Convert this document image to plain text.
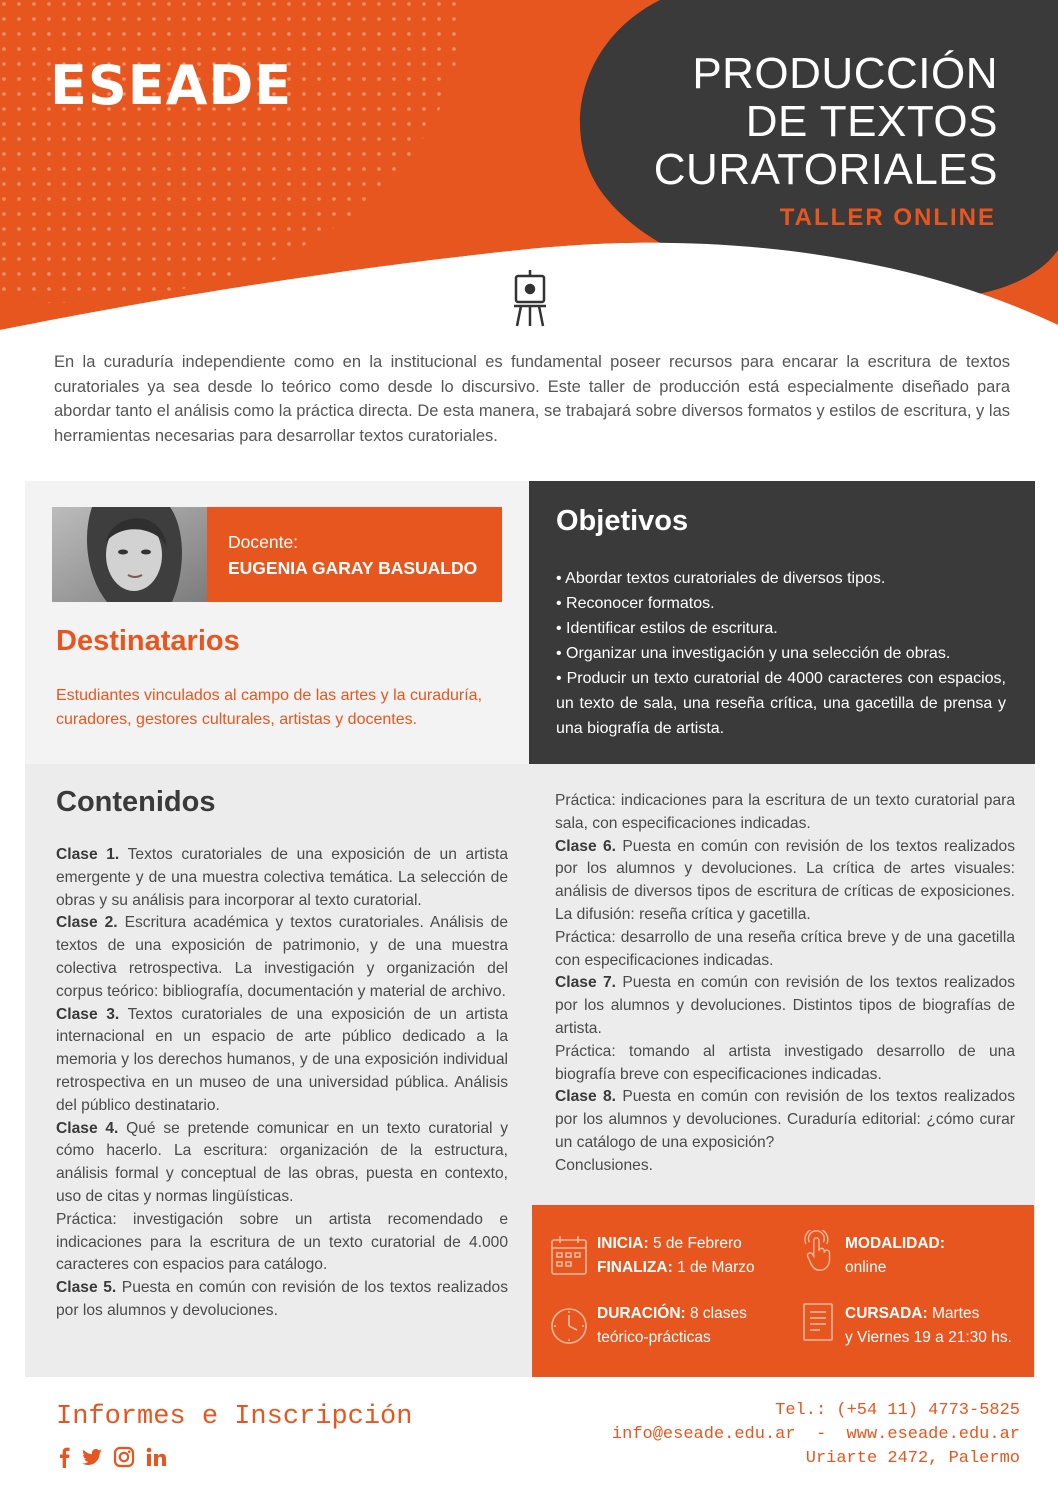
ESEADE	PRODUCCIÓN
DE TEXTOS
CURATORIALES
TALLER ONLINE

En la curaduría independiente como en la institucional es fundamental poseer recursos para encarar la escritura de textos curatoriales ya sea desde lo teórico como desde lo discursivo. Este taller de producción está especialmente diseñado para abordar tanto el análisis como la práctica directa. De esta manera, se trabajará sobre diversos formatos y estilos de escritura, y las herramientas necesarias para desarrollar textos curatoriales.

Docente:
EUGENIA GARAY BASUALDO
Destinatarios
Estudiantes vinculados al campo de las artes y la curaduría, curadores, gestores culturales, artistas y docentes.
Objetivos
• Abordar textos curatoriales de diversos tipos.
• Reconocer formatos.
• Identificar estilos de escritura.
• Organizar una investigación y una selección de obras.
• Producir un texto curatorial de 4000 caracteres con espacios, un texto de sala, una reseña crítica, una gacetilla de prensa y una biografía de artista.
Contenidos

Clase 1. Textos curatoriales de una exposición de un artista emergente y de una muestra colectiva temática. La selección de obras y su análisis para incorporar al texto curatorial.

Clase 2. Escritura académica y textos curatoriales. Análisis de textos de una exposición de patrimonio, y de una muestra colectiva retrospectiva. La investigación y organización del corpus teórico: bibliografía, documentación y material de archivo.

Clase 3. Textos curatoriales de una exposición de un artista internacional en un espacio de arte público dedicado a la memoria y los derechos humanos, y de una exposición individual retrospectiva en un museo de una universidad pública. Análisis del público destinatario.

Clase 4. Qué se pretende comunicar en un texto curatorial y cómo hacerlo. La escritura: organización de la estructura, análisis formal y conceptual de las obras, puesta en contexto, uso de citas y normas lingüísticas.

Práctica: investigación sobre un artista recomendado e indicaciones para la escritura de un texto curatorial de 4.000 caracteres con espacios para catálogo.

Clase 5. Puesta en común con revisión de los textos realizados por los alumnos y devoluciones.

Práctica: indicaciones para la escritura de un texto curatorial para sala, con especificaciones indicadas.

Clase 6. Puesta en común con revisión de los textos realizados por los alumnos y devoluciones. La crítica de artes visuales: análisis de diversos tipos de escritura de críticas de exposiciones. La difusión: reseña crítica y gacetilla.

Práctica: desarrollo de una reseña crítica breve y de una gacetilla con especificaciones indicadas.

Clase 7. Puesta en común con revisión de los textos realizados por los alumnos y devoluciones. Distintos tipos de biografías de artista.

Práctica: tomando al artista investigado desarrollo de una biografía breve con especificaciones indicadas.

Clase 8. Puesta en común con revisión de los textos realizados por los alumnos y devoluciones. Curaduría editorial: ¿cómo curar un catálogo de una exposición?

Conclusiones.

INICIA: 5 de Febrero
FINALIZA: 1 de Marzo
MODALIDAD:
online
DURACIÓN: 8 clases
teórico-prácticas
CURSADA: Martes
y Viernes 19 a 21:30 hs.
Informes e Inscripción	Tel.: (+54 11) 4773-5825
info@eseade.edu.ar  -  www.eseade.edu.ar
Uriarte 2472, Palermo
